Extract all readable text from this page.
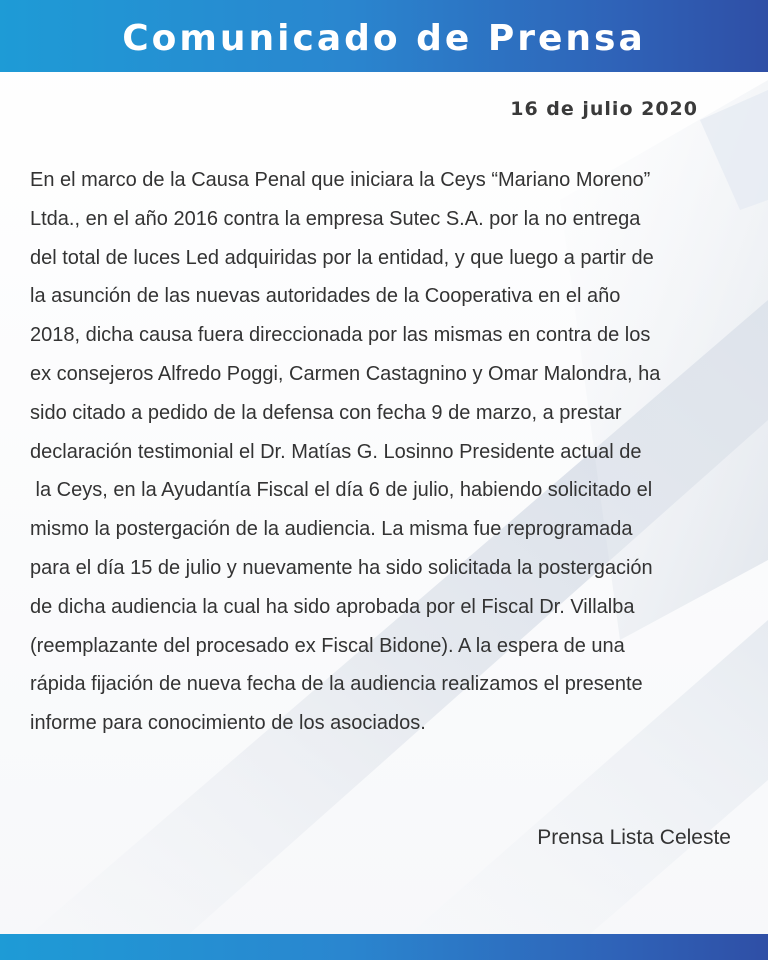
Comunicado de Prensa
16 de julio 2020
En el marco de la Causa Penal que iniciara la Ceys “Mariano Moreno”
Ltda., en el año 2016 contra la empresa Sutec S.A. por la no entrega
del total de luces Led adquiridas por la entidad, y que luego a partir de
la asunción de las nuevas autoridades de la Cooperativa en el año
2018, dicha causa fuera direccionada por las mismas en contra de los
ex consejeros Alfredo Poggi, Carmen Castagnino y Omar Malondra, ha
sido citado a pedido de la defensa con fecha 9 de marzo, a prestar
declaración testimonial el Dr. Matías G. Losinno Presidente actual de
la Ceys, en la Ayudantía Fiscal el día 6 de julio, habiendo solicitado el
mismo la postergación de la audiencia. La misma fue reprogramada
para el día 15 de julio y nuevamente ha sido solicitada la postergación
de dicha audiencia la cual ha sido aprobada por el Fiscal Dr. Villalba
(reemplazante del procesado ex Fiscal Bidone). A la espera de una
rápida fijación de nueva fecha de la audiencia realizamos el presente
informe para conocimiento de los asociados.
Prensa Lista Celeste
